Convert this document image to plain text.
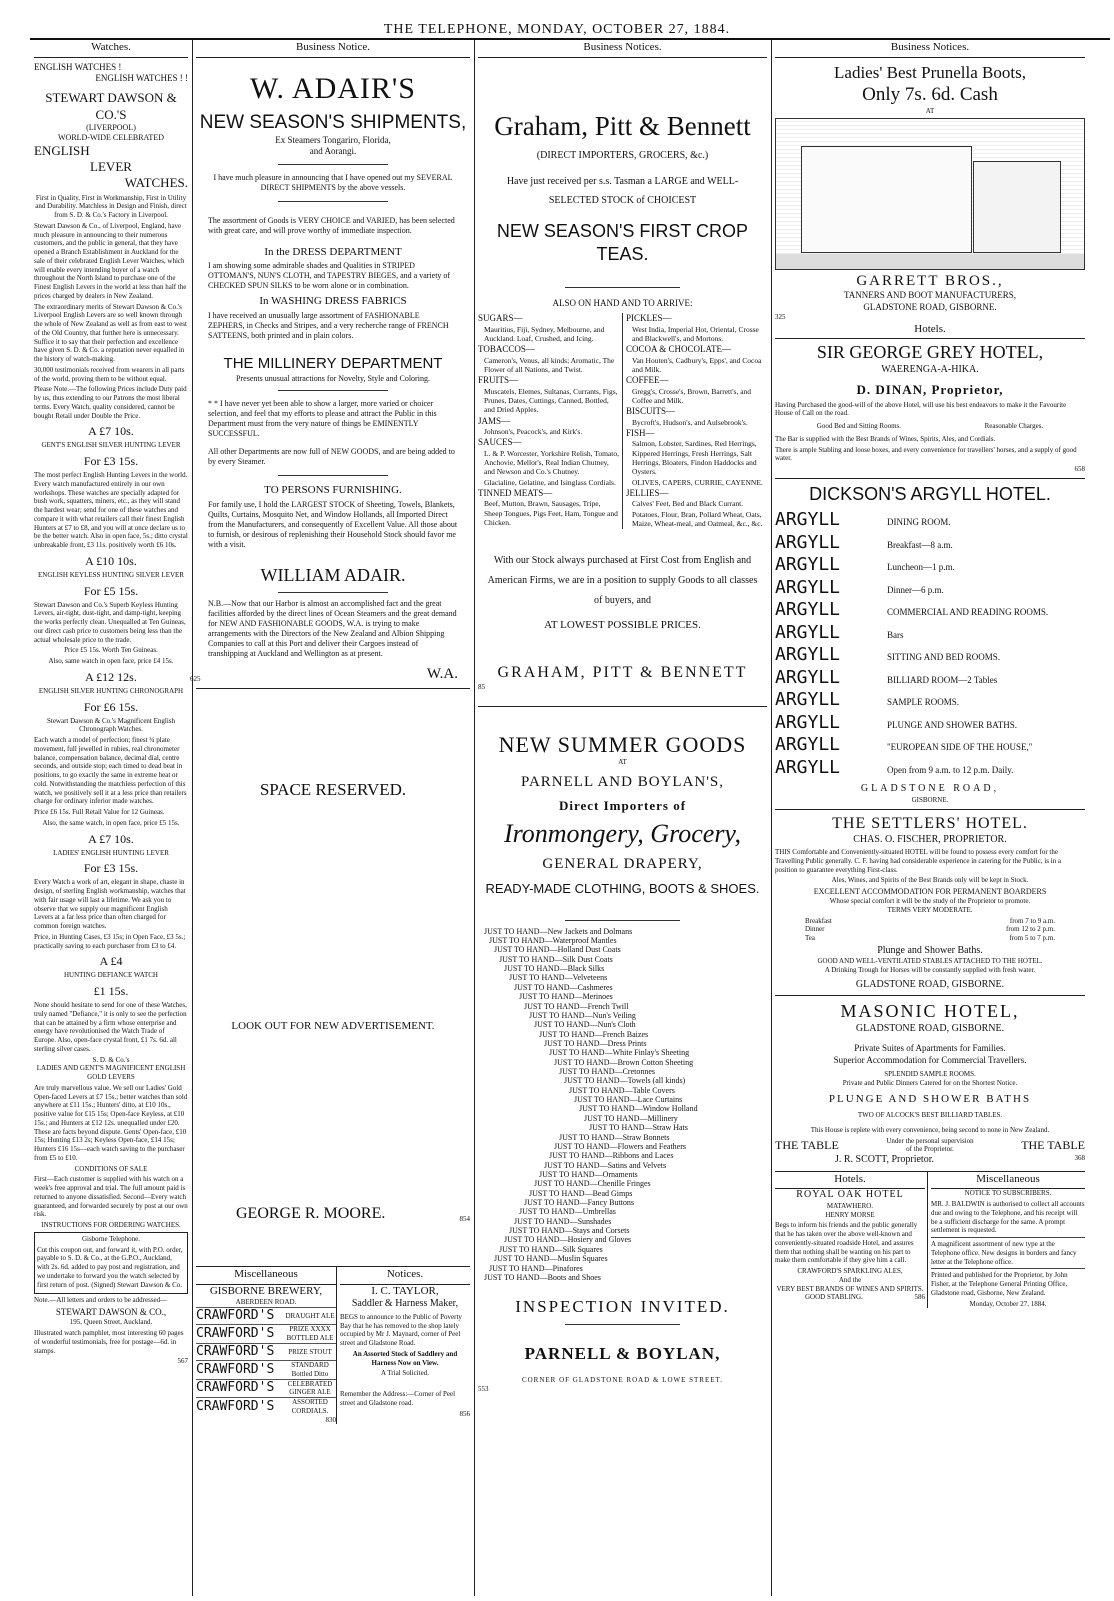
THE TELEPHONE, MONDAY, OCTOBER 27, 1884.
Watches.
ENGLISH WATCHES !
ENGLISH WATCHES ! !
STEWART DAWSON & CO.'S
(LIVERPOOL)
WORLD-WIDE CELEBRATED
ENGLISH
LEVER
WATCHES.

First in Quality, First in Workmanship, First in Utility and Durability. Matchless in Design and Finish, direct from S. D. & Co.'s Factory in Liverpool.

Stewart Dawson & Co., of Liverpool, England, have much pleasure in announcing to their numerous customers, and the public in general, that they have opened a Branch Establishment in Auckland for the sale of their celebrated English Lever Watches, which will enable every intending buyer of a watch throughout the North Island to purchase one of the Finest English Levers in the world at less than half the prices charged by dealers in New Zealand.

The extraordinary merits of Stewart Dawson & Co.'s Liverpool English Levers are so well known through the whole of New Zealand as well as from east to west of the Old Country, that further here is unnecessary. Suffice it to say that their perfection and excellence have given S. D. & Co. a reputation never equalled in the history of watch-making.

30,000 testimonials received from wearers in all parts of the world, proving them to be without equal.

Please Note.—The following Prices include Duty paid by us, thus extending to our Patrons the most liberal terms. Every Watch, quality considered, cannot be bought Retail under Double the Price.

A £7 10s.
GENT'S ENGLISH SILVER HUNTING LEVER
For £3 15s.

The most perfect English Hunting Levers in the world. Every watch manufactured entirely in our own workshops. These watches are specially adapted for bush work, squatters, miners, etc., as they will stand the hardest wear; send for one of these watches and compare it with what retailers call their finest English Hunters at £7 to £8, and you will at once declare us to be the better watch. Also in open face, 5s.; ditto crystal unbreakable front, £3 11s. positively worth £6 10s.

A £10 10s.
ENGLISH KEYLESS HUNTING SILVER LEVER
For £5 15s.

Stewart Dawson and Co.'s Superb Keyless Hunting Levers, air-tight, dust-tight, and damp-tight, keeping the works perfectly clean. Unequalled at Ten Guineas, our direct cash price to customers being less than the actual wholesale price to the trade.

Price £5 15s. Worth Ten Guineas.

Also, same watch in open face, price £4 15s.

A £12 12s.
ENGLISH SILVER HUNTING CHRONOGRAPH
For £6 15s.

Stewart Dawson & Co.'s Magnificent English Chronograph Watches.

Each watch a model of perfection; finest ¾ plate movement, full jewelled in rubies, real chronometer balance, compensation balance, decimal dial, centre seconds, and outside stop; each timed to dead beat in positions, to go exactly the same in extreme heat or cold. Notwithstanding the matchless perfection of this watch, we positively sell it at a less price than retailers charge for ordinary inferior made watches.

Price £6 15s. Full Retail Value for 12 Guineas.

Also, the same watch, in open face, price £5 15s.

A £7 10s.
LADIES' ENGLISH HUNTING LEVER
For £3 15s.

Every Watch a work of art, elegant in shape, chaste in design, of sterling English workmanship, watches that with fair usage will last a lifetime. We ask you to observe that we supply our magnificent English Levers at a far less price than often charged for common foreign watches.

Price, in Hunting Cases, £3 15s; in Open Face, £3 5s.; practically saving to each purchaser from £3 to £4.

A £4
HUNTING DEFIANCE WATCH
£1 15s.

None should hesitate to send for one of these Watches, truly named "Defiance," it is only to see the perfection that can be attained by a firm whose enterprise and energy have revolutionised the Watch Trade of Europe. Also, open-face crystal front, £1 7s. 6d. all sterling silver cases.

S. D. & Co.'s
LADIES AND GENT'S MAGNIFICENT ENGLISH GOLD LEVERS

Are truly marvellous value. We sell our Ladies' Gold Open-faced Levers at £7 15s.; better watches than sold anywhere at £11 15s.; Hunters' ditto, at £10 10s., positive value for £15 15s; Open-face Keyless, at £10 15s.; and Hunters at £12 12s. unequalled under £20. These are facts beyond dispute. Gents' Open-face, £10 15s; Hunting £13 2s; Keyless Open-face, £14 15s; Hunters £16 15s—each watch saving to the purchaser from £5 to £10.

CONDITIONS OF SALE

First—Each customer is supplied with his watch on a week's free approval and trial. The full amount paid is returned to anyone dissatisfied. Second—Every watch guaranteed, and forwarded securely by post at our own risk.

INSTRUCTIONS FOR ORDERING WATCHES.
Gisborne Telephone.

Cut this coupon out, and forward it, with P.O. order, payable to S. D. & Co., at the G.P.O., Auckland, with 2s. 6d. added to pay post and registration, and we undertake to forward you the watch selected by first return of post. (Signed) Stewart Dawson & Co.

Note.—All letters and orders to be addressed—

STEWART DAWSON & CO.,
195, Queen Street, Auckland.

Illustrated watch pamphlet, most interesting 60 pages of wonderful testimonials, free for postage—6d. in stamps.

567
Business Notice.
W. ADAIR'S
NEW SEASON'S SHIPMENTS,
Ex Steamers Tongariro, Florida,
and Aorangi.

I have much pleasure in announcing that I have opened out my SEVERAL DIRECT SHIPMENTS by the above vessels.

The assortment of Goods is VERY CHOICE and VARIED, has been selected with great care, and will prove worthy of immediate inspection.

In the DRESS DEPARTMENT

I am showing some admirable shades and Qualities in STRIPED OTTOMAN'S, NUN'S CLOTH, and TAPESTRY BIEGES, and a variety of CHECKED SPUN SILKS to be worn alone or in combination.

In WASHING DRESS FABRICS

I have received an unusually large assortment of FASHIONABLE ZEPHERS, in Checks and Stripes, and a very recherche range of FRENCH SATTEENS, both printed and in plain colors.

THE MILLINERY DEPARTMENT
Presents unusual attractions for Novelty, Style and Coloring.

* * I have never yet been able to show a larger, more varied or choicer selection, and feel that my efforts to please and attract the Public in this Department must from the very nature of things be EMINENTLY SUCCESSFUL.

All other Departments are now full of NEW GOODS, and are being added to by every Steamer.

TO PERSONS FURNISHING.

For family use, I hold the LARGEST STOCK of Sheeting, Towels, Blankets, Quilts, Curtains, Mosquito Net, and Window Hollands, all Imported Direct from the Manufacturers, and consequently of Excellent Value. All those about to furnish, or desirous of replenishing their Household Stock should favor me with a visit.

WILLIAM ADAIR.

N.B.—Now that our Harbor is almost an accomplished fact and the great facilities afforded by the direct lines of Ocean Steamers and the great demand for NEW AND FASHIONABLE GOODS, W.A. is trying to make arrangements with the Directors of the New Zealand and Albion Shipping Companies to call at this Port and deliver their Cargoes instead of transhipping at Auckland and Wellington as at present.

625	W.A.
SPACE RESERVED.
LOOK OUT FOR NEW ADVERTISEMENT.
GEORGE R. MOORE.	854
Miscellaneous
GISBORNE BREWERY,
ABERDEEN ROAD.
CRAWFORD'S	DRAUGHT ALE
CRAWFORD'S	PRIZE XXXX BOTTLED ALE
CRAWFORD'S	PRIZE STOUT
CRAWFORD'S	STANDARD Bottled Ditto
CRAWFORD'S	CELEBRATED GINGER ALE
CRAWFORD'S	ASSORTED CORDIALS.
830
Notices.
I. C. TAYLOR,
Saddler & Harness Maker,

BEGS to announce to the Public of Poverty Bay that he has removed to the shop lately occupied by Mr J. Maynard, corner of Peel street and Gladstone Road.

An Assorted Stock of Saddlery and Harness Now on View.

A Trial Solicited.

Remember the Address:—Corner of Peel street and Gladstone road.

856
Business Notices.
Graham, Pitt & Bennett
(DIRECT IMPORTERS, GROCERS, &c.)

Have just received per s.s. Tasman a LARGE and WELL-SELECTED STOCK of CHOICEST

NEW SEASON'S FIRST CROP TEAS.
ALSO ON HAND AND TO ARRIVE:
SUGARS—
Mauritius, Fiji, Sydney, Melbourne, and Auckland. Loaf, Crushed, and Icing.
TOBACCOS—
Cameron's, Venus, all kinds; Aromatic, The Flower of all Nations, and Twist.
FRUITS—
Muscatels, Elemes, Sultanas, Currants, Figs, Prunes, Dates, Cuttings, Canned, Bottled, and Dried Apples.
JAMS—
Johnson's, Peacock's, and Kirk's.
SAUCES—
L. & P. Worcester, Yorkshire Relish, Tomato, Anchovie, Mellor's, Real Indian Chutney, and Newson and Co.'s Chutney.
Glacialine, Gelatine, and Isinglass Cordials.
TINNED MEATS—
Beef, Mutton, Brawn, Sausages, Tripe, Sheep Tongues, Pigs Feet, Ham, Tongue and Chicken.
PICKLES—
West India, Imperial Hot, Oriental, Crosse and Blackwell's, and Mortons.
COCOA & CHOCOLATE—
Van Houten's, Cadbury's, Epps', and Cocoa and Milk.
COFFEE—
Gregg's, Crosse's, Brown, Barrett's, and Coffee and Milk.
BISCUITS—
Bycroft's, Hudson's, and Aulsebrook's.
FISH—
Salmon, Lobster, Sardines, Red Herrings, Kippered Herrings, Fresh Herrings, Salt Herrings, Bloaters, Findon Haddocks and Oysters.
OLIVES, CAPERS, CURRIE, CAYENNE.
JELLIES—
Calves' Feet, Bed and Black Currant.
Potatoes, Flour, Bran, Pollard Wheat, Oats, Maize, Wheat-meal, and Oatmeal, &c., &c.

With our Stock always purchased at First Cost from English and American Firms, we are in a position to supply Goods to all classes of buyers, and

AT LOWEST POSSIBLE PRICES.
GRAHAM, PITT & BENNETT
85
NEW SUMMER GOODS
AT
PARNELL AND BOYLAN'S,
Direct Importers of
Ironmongery, Grocery,
GENERAL DRAPERY,
READY-MADE CLOTHING, BOOTS & SHOES.
JUST TO HAND—New Jackets and Dolmans
JUST TO HAND—Waterproof Mantles
JUST TO HAND—Holland Dust Coats
JUST TO HAND—Silk Dust Coats
JUST TO HAND—Black Silks
JUST TO HAND—Velveteens
JUST TO HAND—Cashmeres
JUST TO HAND—Merinoes
JUST TO HAND—French Twill
JUST TO HAND—Nun's Veiling
JUST TO HAND—Nun's Cloth
JUST TO HAND—French Baizes
JUST TO HAND—Dress Prints
JUST TO HAND—White Finlay's Sheeting
JUST TO HAND—Brown Cotton Sheeting
JUST TO HAND—Cretonnes
JUST TO HAND—Towels (all kinds)
JUST TO HAND—Table Covers
JUST TO HAND—Lace Curtains
JUST TO HAND—Window Holland
JUST TO HAND—Millinery
JUST TO HAND—Straw Hats
JUST TO HAND—Straw Bonnets
JUST TO HAND—Flowers and Feathers
JUST TO HAND—Ribbons and Laces
JUST TO HAND—Satins and Velvets
JUST TO HAND—Ornaments
JUST TO HAND—Chenille Fringes
JUST TO HAND—Bead Gimps
JUST TO HAND—Fancy Buttons
JUST TO HAND—Umbrellas
JUST TO HAND—Sunshades
JUST TO HAND—Stays and Corsets
JUST TO HAND—Hosiery and Gloves
JUST TO HAND—Silk Squares
JUST TO HAND—Muslin Squares
JUST TO HAND—Pinafores
JUST TO HAND—Boots and Shoes
INSPECTION INVITED.
PARNELL & BOYLAN,
CORNER OF GLADSTONE ROAD & LOWE STREET.
553
Business Notices.
Ladies' Best Prunella Boots,
Only 7s. 6d. Cash
AT
GARRETT BROS.,
TANNERS AND BOOT MANUFACTURERS,
GLADSTONE ROAD, GISBORNE.
325
Hotels.
SIR GEORGE GREY HOTEL,
WAERENGA-A-HIKA.
D. DINAN, Proprietor,

Having Purchased the good-will of the above Hotel, will use his best endeavors to make it the Favourite House of Call on the road.

Good Bed and Sitting Rooms.	Reasonable Charges.

The Bar is supplied with the Best Brands of Wines, Spirits, Ales, and Cordials.

There is ample Stabling and loose boxes, and every convenience for travellers' horses, and a supply of good water.

658
DICKSON'S ARGYLL HOTEL.
ARGYLL	DINING ROOM.
ARGYLL	Breakfast—8 a.m.
ARGYLL	Luncheon—1 p.m.
ARGYLL	Dinner—6 p.m.
ARGYLL	COMMERCIAL AND READING ROOMS.
ARGYLL	Bars
ARGYLL	SITTING AND BED ROOMS.
ARGYLL	BILLIARD ROOM—2 Tables
ARGYLL	SAMPLE ROOMS.
ARGYLL	PLUNGE AND SHOWER BATHS.
ARGYLL	"EUROPEAN SIDE OF THE HOUSE,"
ARGYLL	Open from 9 a.m. to 12 p.m. Daily.
GLADSTONE ROAD,
GISBORNE.
THE SETTLERS' HOTEL.
CHAS. O. FISCHER, PROPRIETOR.

THIS Comfortable and Conveniently-situated HOTEL will be found to possess every comfort for the Travelling Public generally. C. F. having had considerable experience in catering for the Public, is in a position to guarantee everything First-class.

Ales, Wines, and Spirits of the Best Brands only will be kept in Stock.

EXCELLENT ACCOMMODATION FOR PERMANENT BOARDERS
Whose special comfort it will be the study of the Proprietor to promote.
TERMS VERY MODERATE.
Breakfast	from 7 to 9 a.m.
Dinner	from 12 to 2 p.m.
Tea	from 5 to 7 p.m.
Plunge and Shower Baths.
GOOD AND WELL-VENTILATED STABLES ATTACHED TO THE HOTEL.
A Drinking Trough for Horses will be constantly supplied with fresh water.
GLADSTONE ROAD, GISBORNE.
MASONIC HOTEL,
GLADSTONE ROAD, GISBORNE.
Private Suites of Apartments for Families.
Superior Accommodation for Commercial Travellers.
SPLENDID SAMPLE ROOMS.
Private and Public Dinners Catered for on the Shortest Notice.
PLUNGE AND SHOWER BATHS
TWO OF ALCOCK'S BEST BILLIARD TABLES.

This House is replete with every convenience, being second to none in New Zealand.

THE TABLE	Under the personal supervision of the Proprietor.	THE TABLE
J. R. SCOTT, Proprietor.	368
Hotels.
ROYAL OAK HOTEL
MATAWHERO.
HENRY MORSE

Begs to inform his friends and the public generally that he has taken over the above well-known and conveniently-situated roadside Hotel, and assures them that nothing shall be wanting on his part to make them comfortable if they give him a call.

CRAWFORD'S SPARKLING ALES,
And the
VERY BEST BRANDS OF WINES AND SPIRITS.
GOOD STABLING.	586
Miscellaneous
NOTICE TO SUBSCRIBERS.

MR. J. BALDWIN is authorised to collect all accounts due and owing to the Telephone, and his receipt will be a sufficient discharge for the same. A prompt settlement is requested.

A magnificent assortment of new type at the Telephone office. New designs in borders and fancy letter at the Telephone office.

Printed and published for the Proprietor, by John Fisher, at the Telephone General Printing Office, Gladstone road, Gisborne, New Zealand.

Monday, October 27, 1884.
